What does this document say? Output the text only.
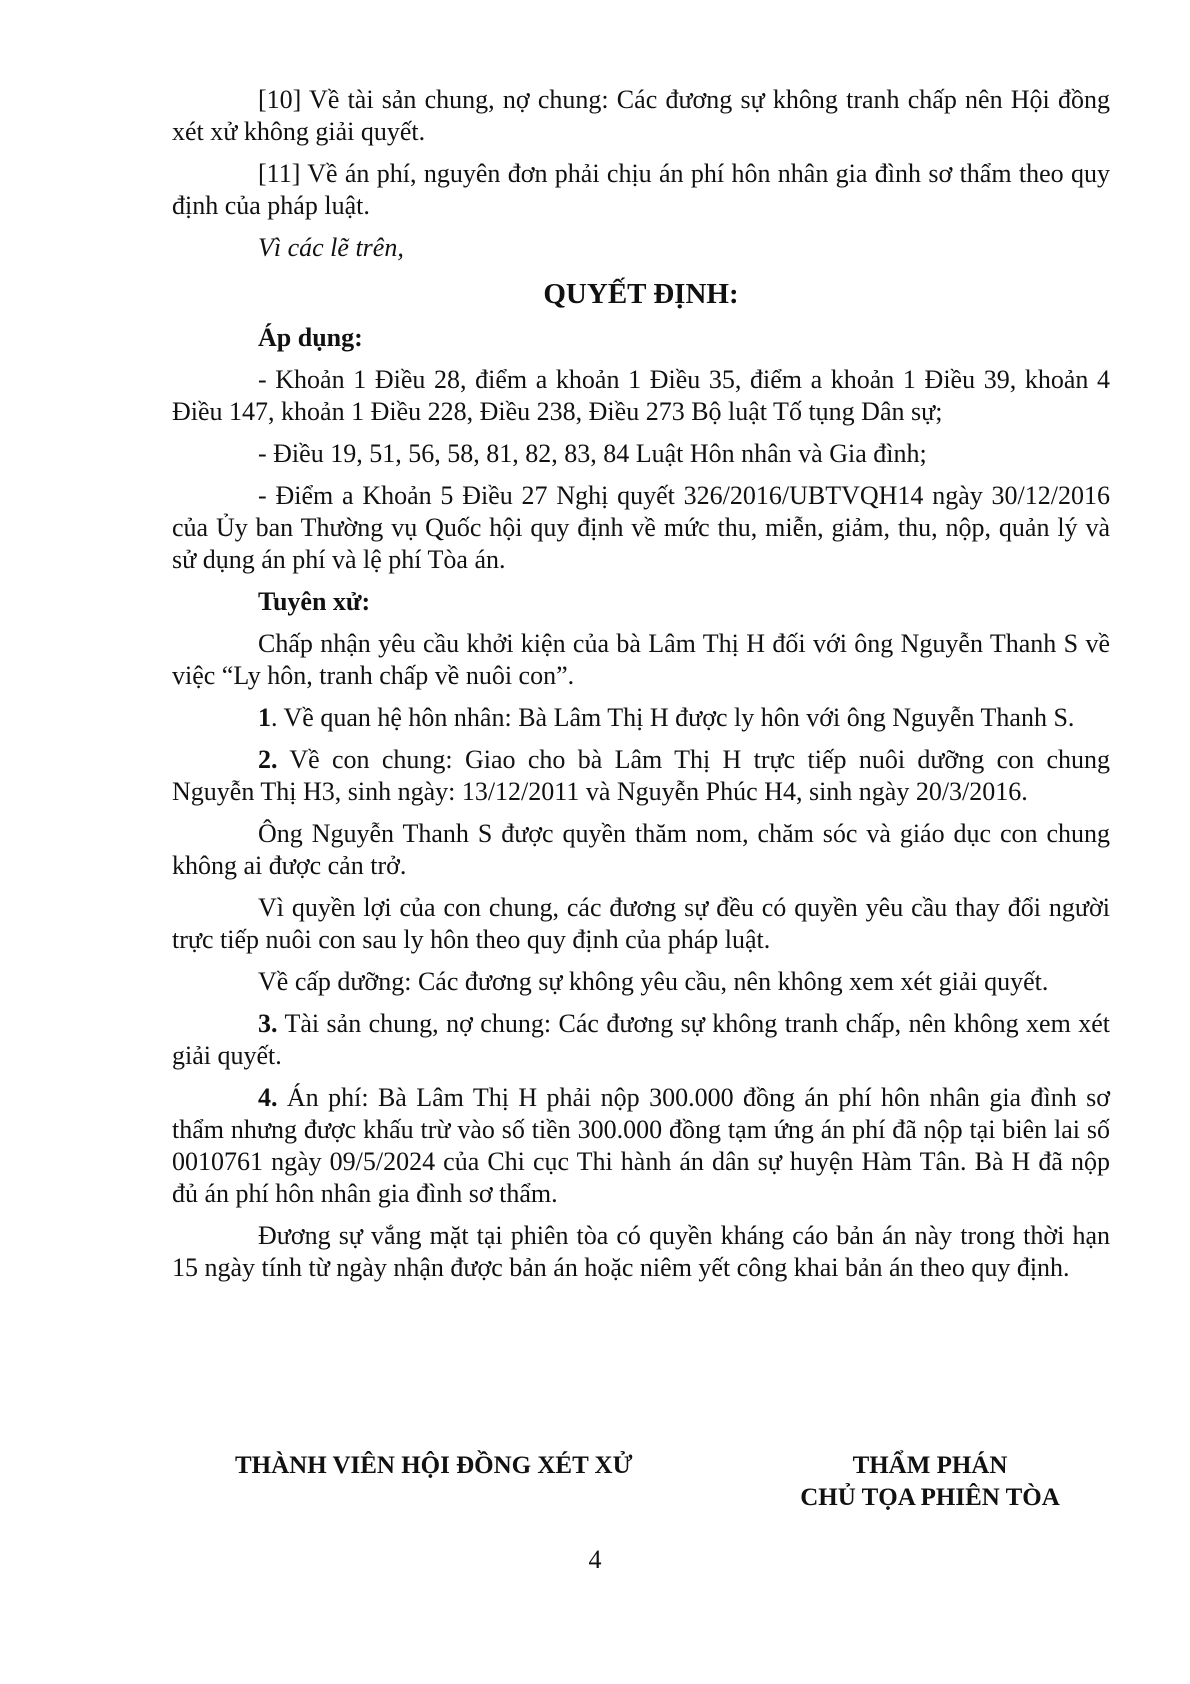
[10] Về tài sản chung, nợ chung: Các đương sự không tranh chấp nên Hội đồng xét xử không giải quyết.

[11] Về án phí, nguyên đơn phải chịu án phí hôn nhân gia đình sơ thẩm theo quy định của pháp luật.

Vì các lẽ trên,

QUYẾT ĐỊNH:
Áp dụng:

- Khoản 1 Điều 28, điểm a khoản 1 Điều 35, điểm a khoản 1 Điều 39, khoản 4 Điều 147, khoản 1 Điều 228, Điều 238, Điều 273 Bộ luật Tố tụng Dân sự;

- Điều 19, 51, 56, 58, 81, 82, 83, 84 Luật Hôn nhân và Gia đình;

- Điểm a Khoản 5 Điều 27 Nghị quyết 326/2016/UBTVQH14 ngày 30/12/2016 của Ủy ban Thường vụ Quốc hội quy định về mức thu, miễn, giảm, thu, nộp, quản lý và sử dụng án phí và lệ phí Tòa án.

Tuyên xử:

Chấp nhận yêu cầu khởi kiện của bà Lâm Thị H đối với ông Nguyễn Thanh S về việc “Ly hôn, tranh chấp về nuôi con”.

1. Về quan hệ hôn nhân: Bà Lâm Thị H được ly hôn với ông Nguyễn Thanh S.

2. Về con chung: Giao cho bà Lâm Thị H trực tiếp nuôi dưỡng con chung Nguyễn Thị H3, sinh ngày: 13/12/2011 và Nguyễn Phúc H4, sinh ngày 20/3/2016.

Ông Nguyễn Thanh S được quyền thăm nom, chăm sóc và giáo dục con chung không ai được cản trở.

Vì quyền lợi của con chung, các đương sự đều có quyền yêu cầu thay đổi người trực tiếp nuôi con sau ly hôn theo quy định của pháp luật.

Về cấp dưỡng: Các đương sự không yêu cầu, nên không xem xét giải quyết.

3. Tài sản chung, nợ chung: Các đương sự không tranh chấp, nên không xem xét giải quyết.

4. Án phí: Bà Lâm Thị H phải nộp 300.000 đồng án phí hôn nhân gia đình sơ thẩm nhưng được khấu trừ vào số tiền 300.000 đồng tạm ứng án phí đã nộp tại biên lai số 0010761 ngày 09/5/2024 của Chi cục Thi hành án dân sự huyện Hàm Tân. Bà H đã nộp đủ án phí hôn nhân gia đình sơ thẩm.

Đương sự vắng mặt tại phiên tòa có quyền kháng cáo bản án này trong thời hạn 15 ngày tính từ ngày nhận được bản án hoặc niêm yết công khai bản án theo quy định.

THÀNH VIÊN HỘI ĐỒNG XÉT XỬ	THẨM PHÁN
CHỦ TỌA PHIÊN TÒA
4
